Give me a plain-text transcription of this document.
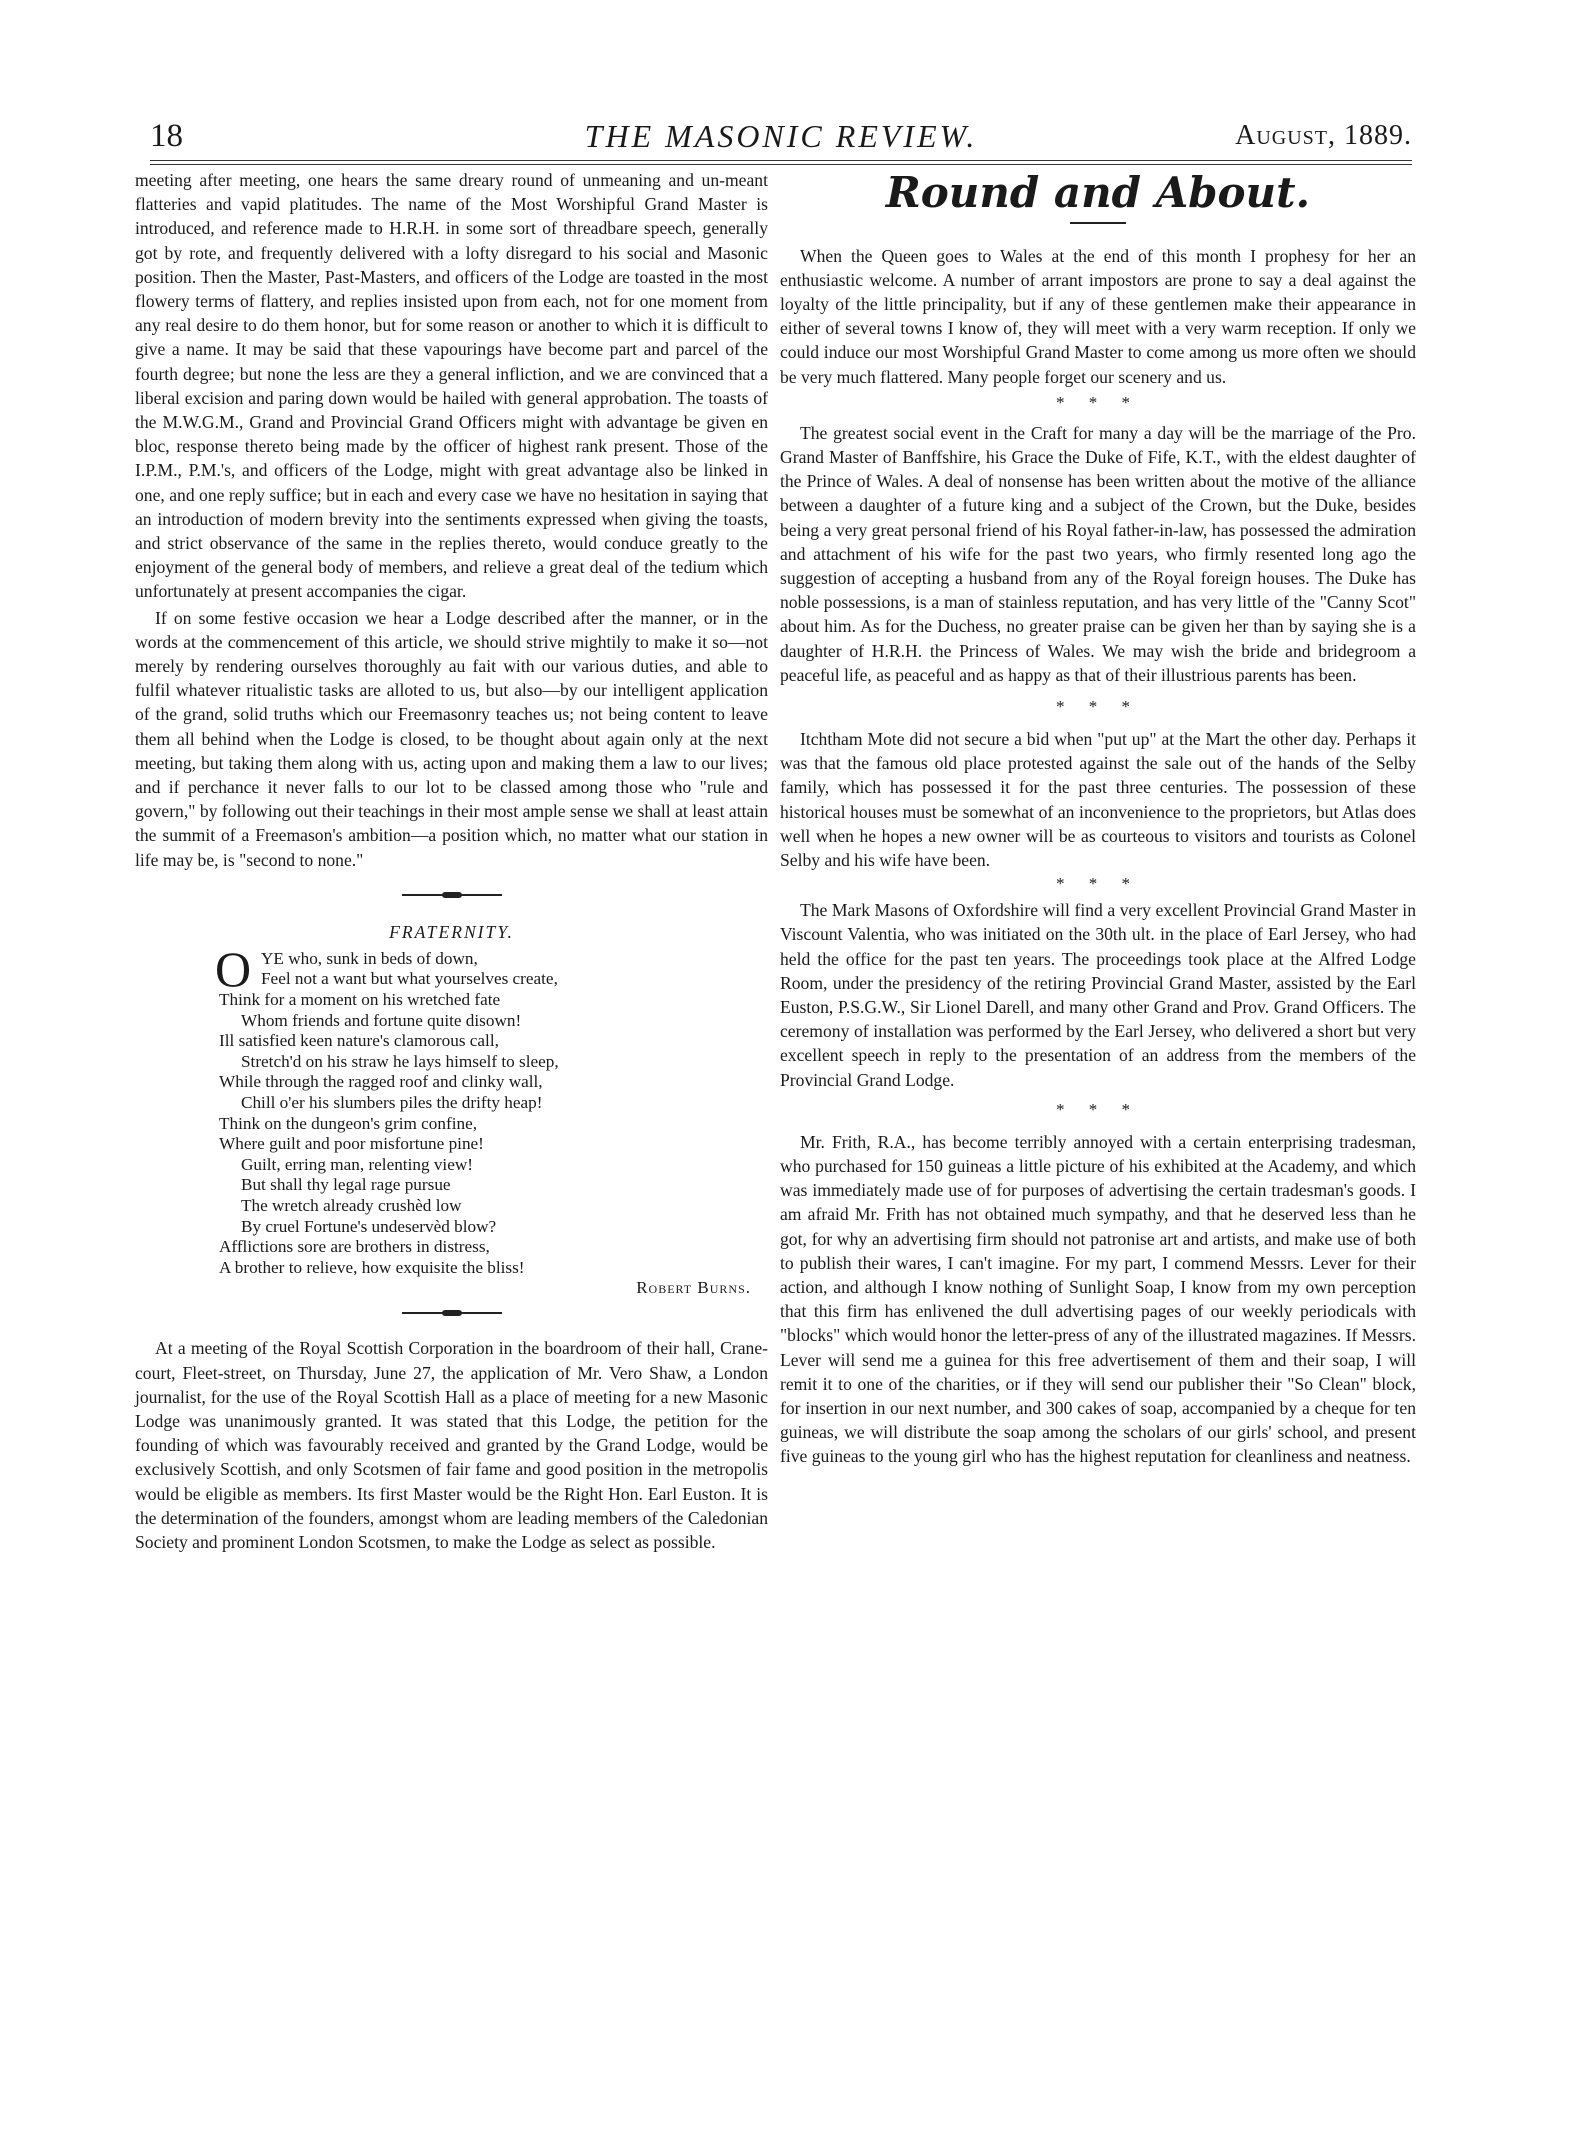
18	THE MASONIC REVIEW.	August, 1889.

meeting after meeting, one hears the same dreary round of unmeaning and un-meant flatteries and vapid platitudes. The name of the Most Worshipful Grand Master is introduced, and reference made to H.R.H. in some sort of threadbare speech, generally got by rote, and frequently delivered with a lofty disregard to his social and Masonic position. Then the Master, Past-Masters, and officers of the Lodge are toasted in the most flowery terms of flattery, and replies insisted upon from each, not for one moment from any real desire to do them honor, but for some reason or another to which it is difficult to give a name. It may be said that these vapourings have become part and parcel of the fourth degree; but none the less are they a general infliction, and we are convinced that a liberal excision and paring down would be hailed with general approbation. The toasts of the M.W.G.M., Grand and Provincial Grand Officers might with advantage be given en bloc, response thereto being made by the officer of highest rank present. Those of the I.P.M., P.M.'s, and officers of the Lodge, might with great advantage also be linked in one, and one reply suffice; but in each and every case we have no hesitation in saying that an introduction of modern brevity into the sentiments expressed when giving the toasts, and strict observance of the same in the replies thereto, would conduce greatly to the enjoyment of the general body of members, and relieve a great deal of the tedium which unfortunately at present accompanies the cigar.

If on some festive occasion we hear a Lodge described after the manner, or in the words at the commencement of this article, we should strive mightily to make it so—not merely by rendering ourselves thoroughly au fait with our various duties, and able to fulfil whatever ritualistic tasks are alloted to us, but also—by our intelligent application of the grand, solid truths which our Freemasonry teaches us; not being content to leave them all behind when the Lodge is closed, to be thought about again only at the next meeting, but taking them along with us, acting upon and making them a law to our lives; and if perchance it never falls to our lot to be classed among those who "rule and govern," by following out their teachings in their most ample sense we shall at least attain the summit of a Freemason's ambition—a position which, no matter what our station in life may be, is "second to none."

FRATERNITY.

O YE who, sunk in beds of down,
Feel not a want but what yourselves create,
Think for a moment on his wretched fate
Whom friends and fortune quite disown!
Ill satisfied keen nature's clamorous call,
Stretch'd on his straw he lays himself to sleep,
While through the ragged roof and clinky wall,
Chill o'er his slumbers piles the drifty heap!
Think on the dungeon's grim confine,
Where guilt and poor misfortune pine!
Guilt, erring man, relenting view!
But shall thy legal rage pursue
The wretch already crushèd low
By cruel Fortune's undeservèd blow?
Afflictions sore are brothers in distress,
A brother to relieve, how exquisite the bliss!

Robert Burns.

At a meeting of the Royal Scottish Corporation in the boardroom of their hall, Crane-court, Fleet-street, on Thursday, June 27, the application of Mr. Vero Shaw, a London journalist, for the use of the Royal Scottish Hall as a place of meeting for a new Masonic Lodge was unanimously granted. It was stated that this Lodge, the petition for the founding of which was favourably received and granted by the Grand Lodge, would be exclusively Scottish, and only Scotsmen of fair fame and good position in the metropolis would be eligible as members. Its first Master would be the Right Hon. Earl Euston. It is the determination of the founders, amongst whom are leading members of the Caledonian Society and prominent London Scotsmen, to make the Lodge as select as possible.

Round and About.

When the Queen goes to Wales at the end of this month I prophesy for her an enthusiastic welcome. A number of arrant impostors are prone to say a deal against the loyalty of the little principality, but if any of these gentlemen make their appearance in either of several towns I know of, they will meet with a very warm reception. If only we could induce our most Worshipful Grand Master to come among us more often we should be very much flattered. Many people forget our scenery and us.

* * *

The greatest social event in the Craft for many a day will be the marriage of the Pro. Grand Master of Banffshire, his Grace the Duke of Fife, K.T., with the eldest daughter of the Prince of Wales. A deal of nonsense has been written about the motive of the alliance between a daughter of a future king and a subject of the Crown, but the Duke, besides being a very great personal friend of his Royal father-in-law, has possessed the admiration and attachment of his wife for the past two years, who firmly resented long ago the suggestion of accepting a husband from any of the Royal foreign houses. The Duke has noble possessions, is a man of stainless reputation, and has very little of the "Canny Scot" about him. As for the Duchess, no greater praise can be given her than by saying she is a daughter of H.R.H. the Princess of Wales. We may wish the bride and bridegroom a peaceful life, as peaceful and as happy as that of their illustrious parents has been.

* * *

Itchtham Mote did not secure a bid when "put up" at the Mart the other day. Perhaps it was that the famous old place protested against the sale out of the hands of the Selby family, which has possessed it for the past three centuries. The possession of these historical houses must be somewhat of an inconvenience to the proprietors, but Atlas does well when he hopes a new owner will be as courteous to visitors and tourists as Colonel Selby and his wife have been.

* * *

The Mark Masons of Oxfordshire will find a very excellent Provincial Grand Master in Viscount Valentia, who was initiated on the 30th ult. in the place of Earl Jersey, who had held the office for the past ten years. The proceedings took place at the Alfred Lodge Room, under the presidency of the retiring Provincial Grand Master, assisted by the Earl Euston, P.S.G.W., Sir Lionel Darell, and many other Grand and Prov. Grand Officers. The ceremony of installation was performed by the Earl Jersey, who delivered a short but very excellent speech in reply to the presentation of an address from the members of the Provincial Grand Lodge.

* * *

Mr. Frith, R.A., has become terribly annoyed with a certain enterprising tradesman, who purchased for 150 guineas a little picture of his exhibited at the Academy, and which was immediately made use of for purposes of advertising the certain tradesman's goods. I am afraid Mr. Frith has not obtained much sympathy, and that he deserved less than he got, for why an advertising firm should not patronise art and artists, and make use of both to publish their wares, I can't imagine. For my part, I commend Messrs. Lever for their action, and although I know nothing of Sunlight Soap, I know from my own perception that this firm has enlivened the dull advertising pages of our weekly periodicals with "blocks" which would honor the letter-press of any of the illustrated magazines. If Messrs. Lever will send me a guinea for this free advertisement of them and their soap, I will remit it to one of the charities, or if they will send our publisher their "So Clean" block, for insertion in our next number, and 300 cakes of soap, accompanied by a cheque for ten guineas, we will distribute the soap among the scholars of our girls' school, and present five guineas to the young girl who has the highest reputation for cleanliness and neatness.
